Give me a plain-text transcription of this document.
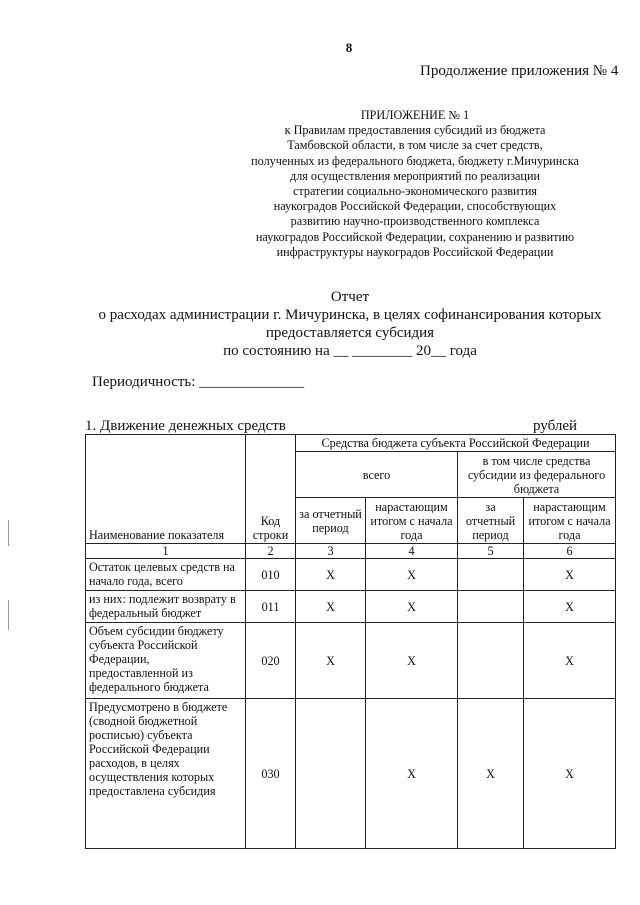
8
Продолжение приложения № 4
ПРИЛОЖЕНИЕ № 1
к Правилам предоставления субсидий из бюджета
Тамбовской области, в том числе за счет средств,
полученных из федерального бюджета, бюджету г.Мичуринска
для осуществления мероприятий по реализации
стратегии социально-экономического развития
наукоградов Российской Федерации, способствующих
развитию научно-производственного комплекса
наукоградов Российской Федерации, сохранению и развитию
инфраструктуры наукоградов Российской Федерации
Отчет
о расходах администрации г. Мичуринска, в целях софинансирования которых
предоставляется субсидия
по состоянию на __ ________ 20__ года
Периодичность: ______________
1. Движение денежных средств	рублей
Наименование показателя	Код строки	Средства бюджета субъекта Российской Федерации			
		всего		в том числе средства субсидии из федерального бюджета	
		за отчетный период	нарастающим итогом с начала года	за отчетный период	нарастающим итогом с начала года
1	2	3	4	5	6
Остаток целевых средств на начало года, всего	010	X	X		X
из них: подлежит возврату в федеральный бюджет	011	X	X		X
Объем субсидии бюджету субъекта Российской Федерации, предоставленной из федерального бюджета	020	X	X		X
Предусмотрено в бюджете (сводной бюджетной росписью) субъекта Российской Федерации расходов, в целях осуществления которых предоставлена субсидия	030		X	X	X
